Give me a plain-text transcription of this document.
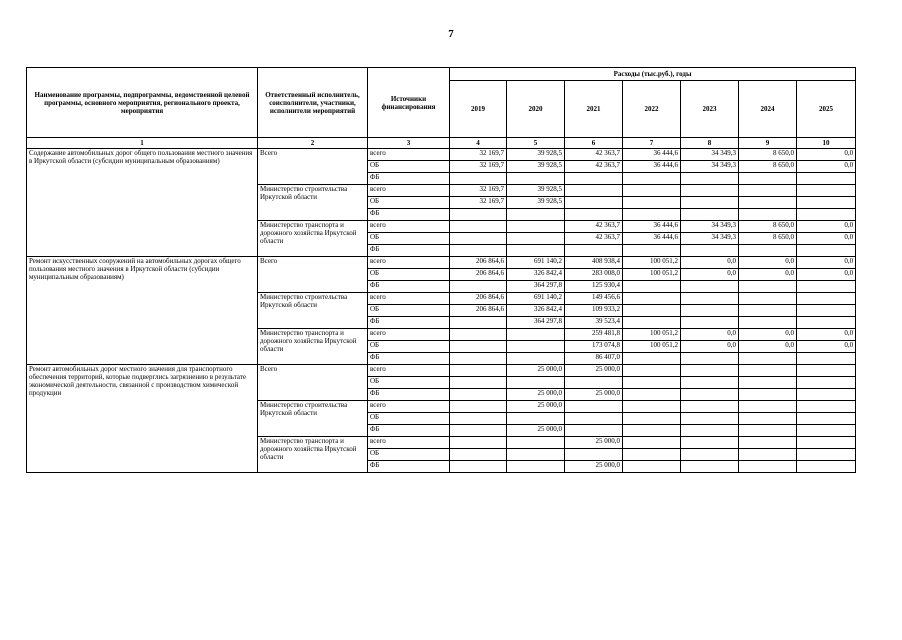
7
Наименование программы, подпрограммы, ведомственной целевой программы, основного мероприятия, регионального проекта, мероприятия	Ответственный исполнитель, соисполнители, участники, исполнители мероприятий	Источники финансирования	Расходы (тыс.руб.), годы						
			2019	2020	2021	2022	2023	2024	2025
1	2	3	4	5	6	7	8	9	10
Содержание автомобильных дорог общего пользования местного значения в Иркутской области (субсидии муниципальным образованиям)	Всего	всего	32 169,7	39 928,5	42 363,7	36 444,6	34 349,3	8 650,0	0,0
		ОБ	32 169,7	39 928,5	42 363,7	36 444,6	34 349,3	8 650,0	0,0
		ФБ							
	Министерство строительства Иркутской области	всего	32 169,7	39 928,5					
		ОБ	32 169,7	39 928,5					
		ФБ							
	Министерство транспорта и дорожного хозяйства Иркутской области	всего			42 363,7	36 444,6	34 349,3	8 650,0	0,0
		ОБ			42 363,7	36 444,6	34 349,3	8 650,0	0,0
		ФБ							
Ремонт искусственных сооружений на автомобильных дорогах общего пользования местного значения в Иркутской области (субсидии муниципальным образованиям)	Всего	всего	206 864,6	691 140,2	408 938,4	100 051,2	0,0	0,0	0,0
		ОБ	206 864,6	326 842,4	283 008,0	100 051,2	0,0	0,0	0,0
		ФБ		364 297,8	125 930,4				
	Министерство строительства Иркутской области	всего	206 864,6	691 140,2	149 456,6				
		ОБ	206 864,6	326 842,4	109 933,2				
		ФБ		364 297,8	39 523,4				
	Министерство транспорта и дорожного хозяйства Иркутской области	всего			259 481,8	100 051,2	0,0	0,0	0,0
		ОБ			173 074,8	100 051,2	0,0	0,0	0,0
		ФБ			86 407,0				
Ремонт автомобильных дорог местного значения для транспортного обеспечения территорий, которые подверглись загрязнению в результате экономической деятельности, связанной с производством химической продукции	Всего	всего		25 000,0	25 000,0				
		ОБ							
		ФБ		25 000,0	25 000,0				
	Министерство строительства Иркутской области	всего		25 000,0					
		ОБ							
		ФБ		25 000,0					
	Министерство транспорта и дорожного хозяйства Иркутской области	всего			25 000,0				
		ОБ							
		ФБ			25 000,0				
